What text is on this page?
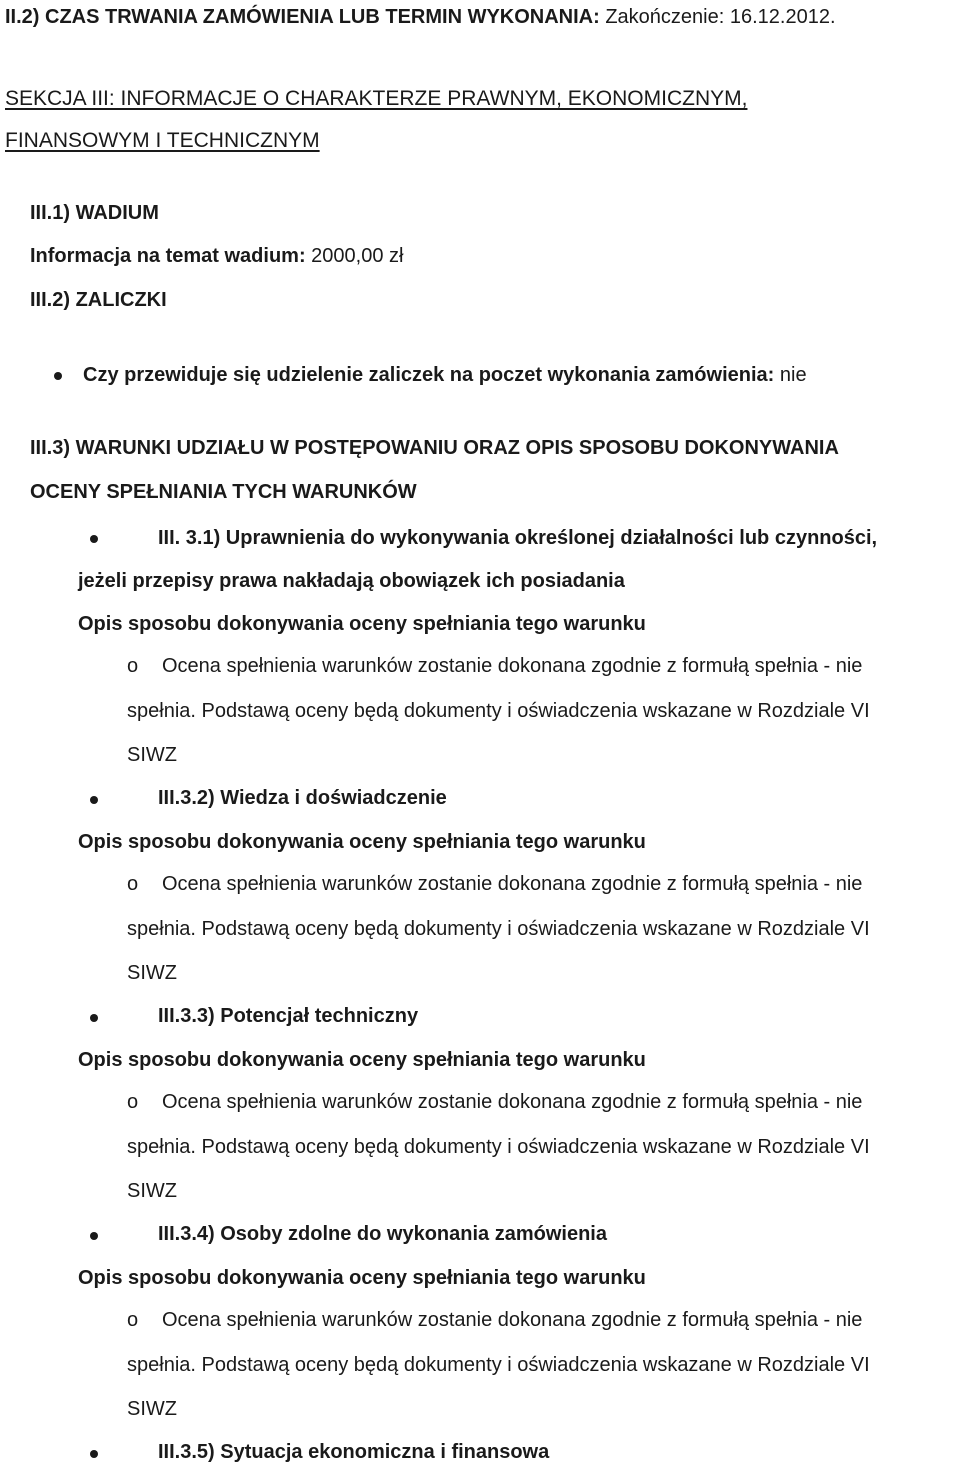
II.2) CZAS TRWANIA ZAMÓWIENIA LUB TERMIN WYKONANIA: Zakończenie: 16.12.2012.
SEKCJA III: INFORMACJE O CHARAKTERZE PRAWNYM, EKONOMICZNYM,
FINANSOWYM I TECHNICZNYM
III.1) WADIUM
Informacja na temat wadium: 2000,00 zł
III.2) ZALICZKI
Czy przewiduje się udzielenie zaliczek na poczet wykonania zamówienia: nie
III.3) WARUNKI UDZIAŁU W POSTĘPOWANIU ORAZ OPIS SPOSOBU DOKONYWANIA
OCENY SPEŁNIANIA TYCH WARUNKÓW
III. 3.1) Uprawnienia do wykonywania określonej działalności lub czynności,
jeżeli przepisy prawa nakładają obowiązek ich posiadania
Opis sposobu dokonywania oceny spełniania tego warunku
o Ocena spełnienia warunków zostanie dokonana zgodnie z formułą spełnia - nie
spełnia. Podstawą oceny będą dokumenty i oświadczenia wskazane w Rozdziale VI
SIWZ
III.3.2) Wiedza i doświadczenie
Opis sposobu dokonywania oceny spełniania tego warunku
o Ocena spełnienia warunków zostanie dokonana zgodnie z formułą spełnia - nie
spełnia. Podstawą oceny będą dokumenty i oświadczenia wskazane w Rozdziale VI
SIWZ
III.3.3) Potencjał techniczny
Opis sposobu dokonywania oceny spełniania tego warunku
o Ocena spełnienia warunków zostanie dokonana zgodnie z formułą spełnia - nie
spełnia. Podstawą oceny będą dokumenty i oświadczenia wskazane w Rozdziale VI
SIWZ
III.3.4) Osoby zdolne do wykonania zamówienia
Opis sposobu dokonywania oceny spełniania tego warunku
o Ocena spełnienia warunków zostanie dokonana zgodnie z formułą spełnia - nie
spełnia. Podstawą oceny będą dokumenty i oświadczenia wskazane w Rozdziale VI
SIWZ
III.3.5) Sytuacja ekonomiczna i finansowa
